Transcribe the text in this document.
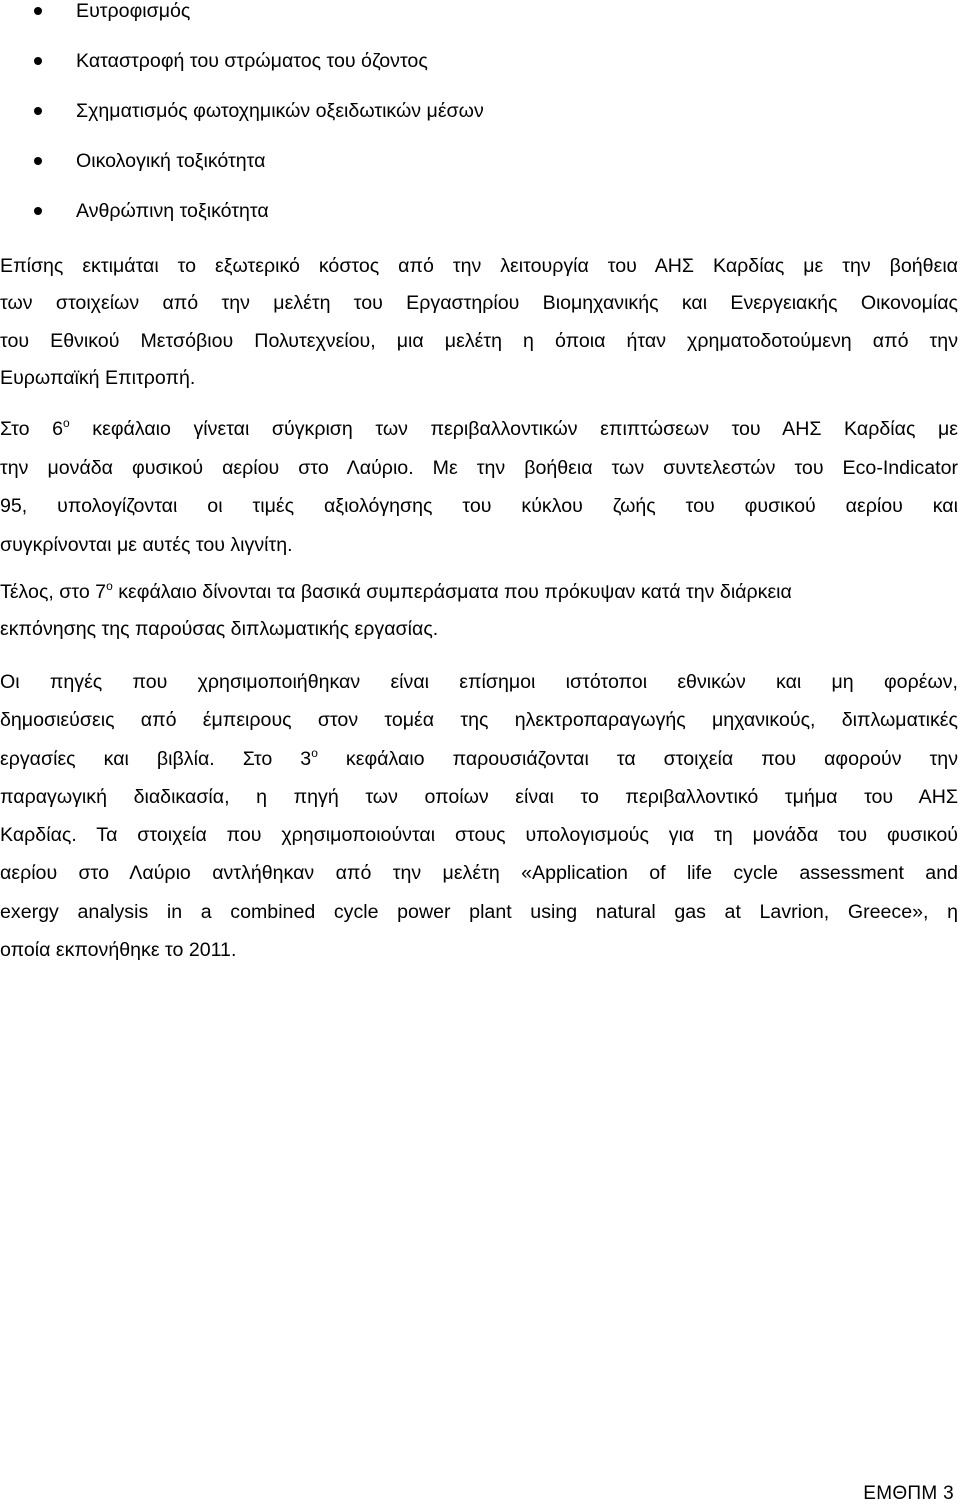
Ευτροφισμός
Καταστροφή του στρώματος του όζοντος
Σχηματισμός φωτοχημικών οξειδωτικών μέσων
Οικολογική τοξικότητα
Ανθρώπινη τοξικότητα
Επίσης εκτιμάται το εξωτερικό κόστος από την λειτουργία του ΑΗΣ Καρδίας με την βοήθεια
των στοιχείων από την μελέτη του Εργαστηρίου Βιομηχανικής και Ενεργειακής Οικονομίας
του Εθνικού Μετσόβιου Πολυτεχνείου, μια μελέτη η όποια ήταν χρηματοδοτούμενη από την
Ευρωπαϊκή Επιτροπή.
Στο $6^o$ κεφάλαιο γίνεται σύγκριση των περιβαλλοντικών επιπτώσεων του ΑΗΣ Καρδίας με
την μονάδα φυσικού αερίου στο Λαύριο. Με την βοήθεια των συντελεστών του Eco-Indicator
95, υπολογίζονται οι τιμές αξιολόγησης του κύκλου ζωής του φυσικού αερίου και
συγκρίνονται με αυτές του λιγνίτη.
Τέλος, στο $7^o$ κεφάλαιο δίνονται τα βασικά συμπεράσματα που πρόκυψαν κατά την διάρκεια
εκπόνησης της παρούσας διπλωματικής εργασίας.
Οι πηγές που χρησιμοποιήθηκαν είναι επίσημοι ιστότοποι εθνικών και μη φορέων,
δημοσιεύσεις από έμπειρους στον τομέα της ηλεκτροπαραγωγής μηχανικούς, διπλωματικές
εργασίες και βιβλία. Στο $3^o$ κεφάλαιο παρουσιάζονται τα στοιχεία που αφορούν την
παραγωγική διαδικασία, η πηγή των οποίων είναι το περιβαλλοντικό τμήμα του ΑΗΣ
Καρδίας. Τα στοιχεία που χρησιμοποιούνται στους υπολογισμούς για τη μονάδα του φυσικού
αερίου στο Λαύριο αντλήθηκαν από την μελέτη «Application of life cycle assessment and
exergy analysis in a combined cycle power plant using natural gas at Lavrion, Greece», η
οποία εκπονήθηκε το 2011.
ΕΜΘΠΜ 3
